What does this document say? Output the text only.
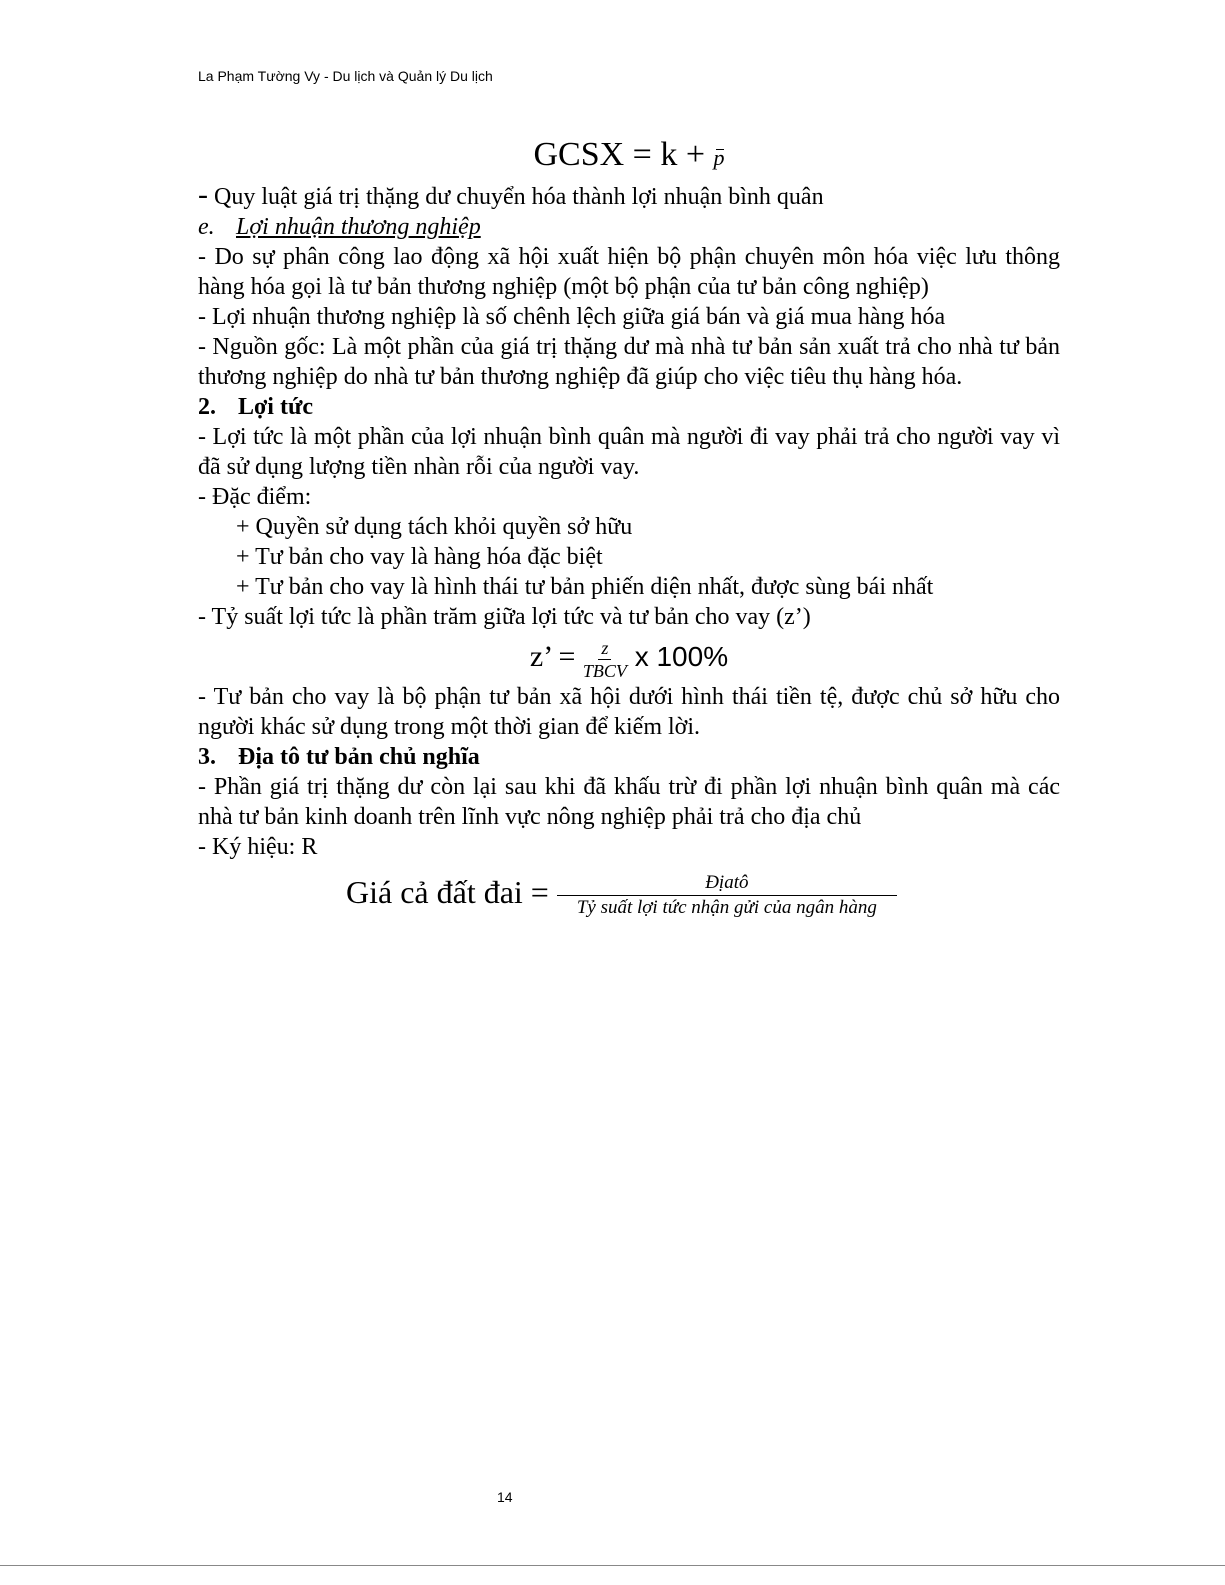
La Phạm Tường Vy - Du lịch và Quản lý Du lịch

GCSX = k + p

- Quy luật giá trị thặng dư chuyển hóa thành lợi nhuận bình quân

e. Lợi nhuận thương nghiệp

- Do sự phân công lao động xã hội xuất hiện bộ phận chuyên môn hóa việc lưu thông hàng hóa gọi là tư bản thương nghiệp (một bộ phận của tư bản công nghiệp)

- Lợi nhuận thương nghiệp là số chênh lệch giữa giá bán và giá mua hàng hóa

- Nguồn gốc: Là một phần của giá trị thặng dư mà nhà tư bản sản xuất trả cho nhà tư bản thương nghiệp do nhà tư bản thương nghiệp đã giúp cho việc tiêu thụ hàng hóa.

2. Lợi tức

- Lợi tức là một phần của lợi nhuận bình quân mà người đi vay phải trả cho người vay vì đã sử dụng lượng tiền nhàn rỗi của người vay.

- Đặc điểm:

+ Quyền sử dụng tách khỏi quyền sở hữu

+ Tư bản cho vay là hàng hóa đặc biệt

+ Tư bản cho vay là hình thái tư bản phiến diện nhất, được sùng bái nhất

- Tỷ suất lợi tức là phần trăm giữa lợi tức và tư bản cho vay (z’)

z’ = $\frac{z}{\text{TBCV}}$ x 100%

- Tư bản cho vay là bộ phận tư bản xã hội dưới hình thái tiền tệ, được chủ sở hữu cho người khác sử dụng trong một thời gian để kiếm lời.

3. Địa tô tư bản chủ nghĩa

- Phần giá trị thặng dư còn lại sau khi đã khấu trừ đi phần lợi nhuận bình quân mà các nhà tư bản kinh doanh trên lĩnh vực nông nghiệp phải trả cho địa chủ

- Ký hiệu: R

Giá cả đất đai = $\frac{\text{Địatô}}{\text{Tỷ suất lợi tức nhận gửi của ngân hàng}}$

14
